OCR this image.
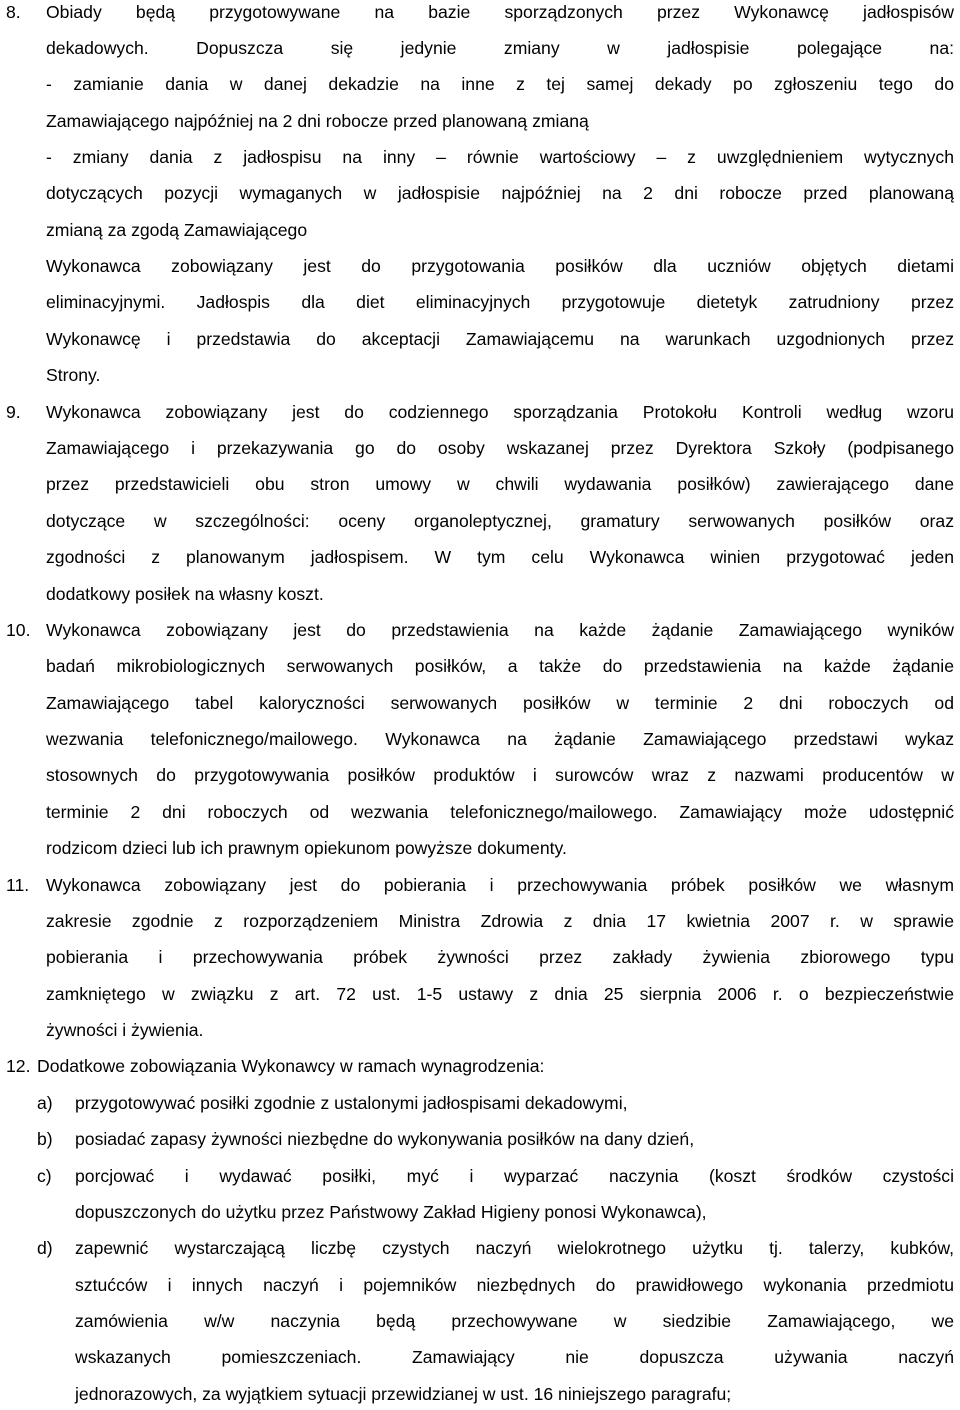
8. Obiady będą przygotowywane na bazie sporządzonych przez Wykonawcę jadłospisów
dekadowych. Dopuszcza się jedynie zmiany w jadłospisie polegające na:
- zamianie dania w danej dekadzie na inne z tej samej dekady po zgłoszeniu tego do
Zamawiającego najpóźniej na 2 dni robocze przed planowaną zmianą
- zmiany dania z jadłospisu na inny – równie wartościowy – z uwzględnieniem wytycznych
dotyczących pozycji wymaganych w jadłospisie najpóźniej na 2 dni robocze przed planowaną
zmianą za zgodą Zamawiającego
Wykonawca zobowiązany jest do przygotowania posiłków dla uczniów objętych dietami
eliminacyjnymi. Jadłospis dla diet eliminacyjnych przygotowuje dietetyk zatrudniony przez
Wykonawcę i przedstawia do akceptacji Zamawiającemu na warunkach uzgodnionych przez
Strony.
9. Wykonawca zobowiązany jest do codziennego sporządzania Protokołu Kontroli według wzoru
Zamawiającego i przekazywania go do osoby wskazanej przez Dyrektora Szkoły (podpisanego
przez przedstawicieli obu stron umowy w chwili wydawania posiłków) zawierającego dane
dotyczące w szczególności: oceny organoleptycznej, gramatury serwowanych posiłków oraz
zgodności z planowanym jadłospisem. W tym celu Wykonawca winien przygotować jeden
dodatkowy posiłek na własny koszt.
10. Wykonawca zobowiązany jest do przedstawienia na każde żądanie Zamawiającego wyników
badań mikrobiologicznych serwowanych posiłków, a także do przedstawienia na każde żądanie
Zamawiającego tabel kaloryczności serwowanych posiłków w terminie 2 dni roboczych od
wezwania telefonicznego/mailowego. Wykonawca na żądanie Zamawiającego przedstawi wykaz
stosownych do przygotowywania posiłków produktów i surowców wraz z nazwami producentów w
terminie 2 dni roboczych od wezwania telefonicznego/mailowego. Zamawiający może udostępnić
rodzicom dzieci lub ich prawnym opiekunom powyższe dokumenty.
11. Wykonawca zobowiązany jest do pobierania i przechowywania próbek posiłków we własnym
zakresie zgodnie z rozporządzeniem Ministra Zdrowia z dnia 17 kwietnia 2007 r. w sprawie
pobierania i przechowywania próbek żywności przez zakłady żywienia zbiorowego typu
zamkniętego w związku z art. 72 ust. 1-5 ustawy z dnia 25 sierpnia 2006 r. o bezpieczeństwie
żywności i żywienia.
12. Dodatkowe zobowiązania Wykonawcy w ramach wynagrodzenia:
a) przygotowywać posiłki zgodnie z ustalonymi jadłospisami dekadowymi,
b) posiadać zapasy żywności niezbędne do wykonywania posiłków na dany dzień,
c) porcjować i wydawać posiłki, myć i wyparzać naczynia (koszt środków czystości
dopuszczonych do użytku przez Państwowy Zakład Higieny ponosi Wykonawca),
d) zapewnić wystarczającą liczbę czystych naczyń wielokrotnego użytku tj. talerzy, kubków,
sztućców i innych naczyń i pojemników niezbędnych do prawidłowego wykonania przedmiotu
zamówienia w/w naczynia będą przechowywane w siedzibie Zamawiającego, we
wskazanych pomieszczeniach. Zamawiający nie dopuszcza używania naczyń
jednorazowych, za wyjątkiem sytuacji przewidzianej w ust. 16 niniejszego paragrafu;
